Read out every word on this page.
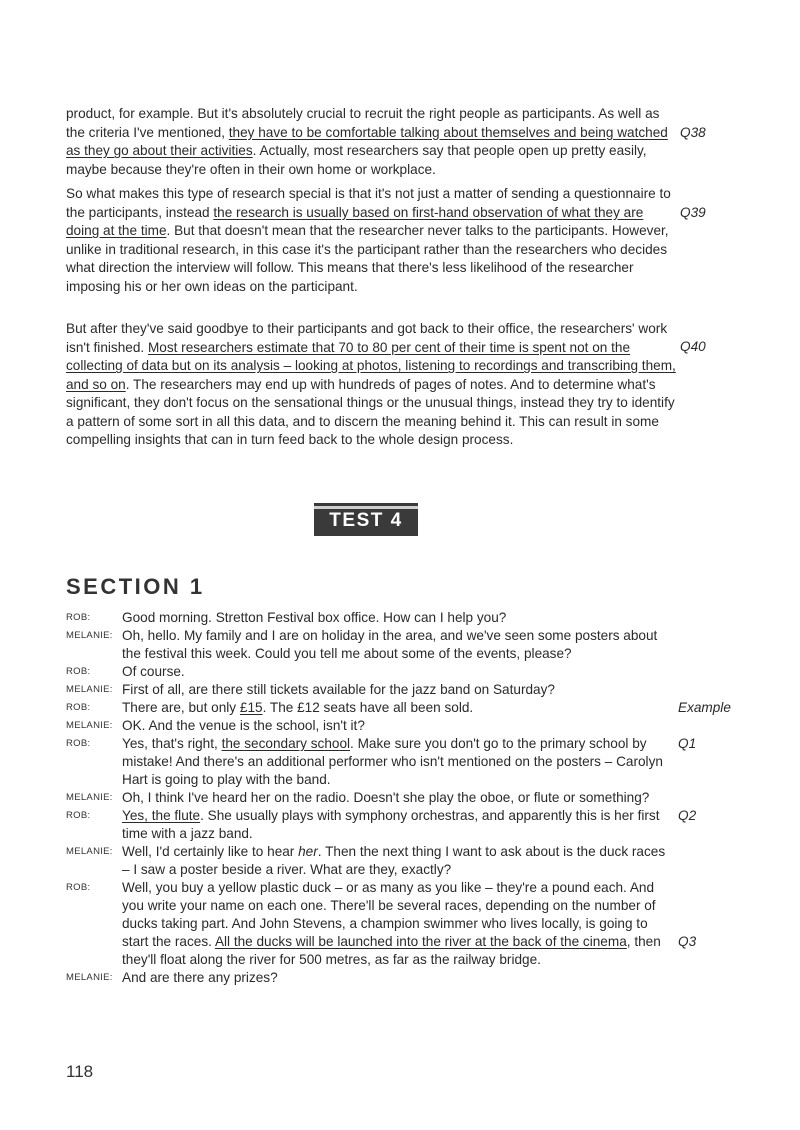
product, for example. But it's absolutely crucial to recruit the right people as participants. As well as the criteria I've mentioned, they have to be comfortable talking about themselves and being watched as they go about their activities. Actually, most researchers say that people open up pretty easily, maybe because they're often in their own home or workplace.

Q38

So what makes this type of research special is that it's not just a matter of sending a questionnaire to the participants, instead the research is usually based on first-hand observation of what they are doing at the time. But that doesn't mean that the researcher never talks to the participants. However, unlike in traditional research, in this case it's the participant rather than the researchers who decides what direction the interview will follow. This means that there's less likelihood of the researcher imposing his or her own ideas on the participant.

Q39

But after they've said goodbye to their participants and got back to their office, the researchers' work isn't finished. Most researchers estimate that 70 to 80 per cent of their time is spent not on the collecting of data but on its analysis – looking at photos, listening to recordings and transcribing them, and so on. The researchers may end up with hundreds of pages of notes. And to determine what's significant, they don't focus on the sensational things or the unusual things, instead they try to identify a pattern of some sort in all this data, and to discern the meaning behind it. This can result in some compelling insights that can in turn feed back to the whole design process.

Q40
TEST 4
SECTION 1
ROB: Good morning. Stretton Festival box office. How can I help you?

MELANIE: Oh, hello. My family and I are on holiday in the area, and we've seen some posters about the festival this week. Could you tell me about some of the events, please?

ROB: Of course.

MELANIE: First of all, are there still tickets available for the jazz band on Saturday?

ROB: There are, but only £15. The £12 seats have all been sold.	Example
MELANIE: OK. And the venue is the school, isn't it?

ROB: Yes, that's right, the secondary school. Make sure you don't go to the primary school by mistake! And there's an additional performer who isn't mentioned on the posters – Carolyn Hart is going to play with the band.

Q1
MELANIE: Oh, I think I've heard her on the radio. Doesn't she play the oboe, or flute or something?

ROB: Yes, the flute. She usually plays with symphony orchestras, and apparently this is her first time with a jazz band.

Q2
MELANIE: Well, I'd certainly like to hear her. Then the next thing I want to ask about is the duck races – I saw a poster beside a river. What are they, exactly?

ROB: Well, you buy a yellow plastic duck – or as many as you like – they're a pound each. And you write your name on each one. There'll be several races, depending on the number of ducks taking part. And John Stevens, a champion swimmer who lives locally, is going to start the races. All the ducks will be launched into the river at the back of the cinema, then they'll float along the river for 500 metres, as far as the railway bridge.

Q3
MELANIE: And are there any prizes?

118
